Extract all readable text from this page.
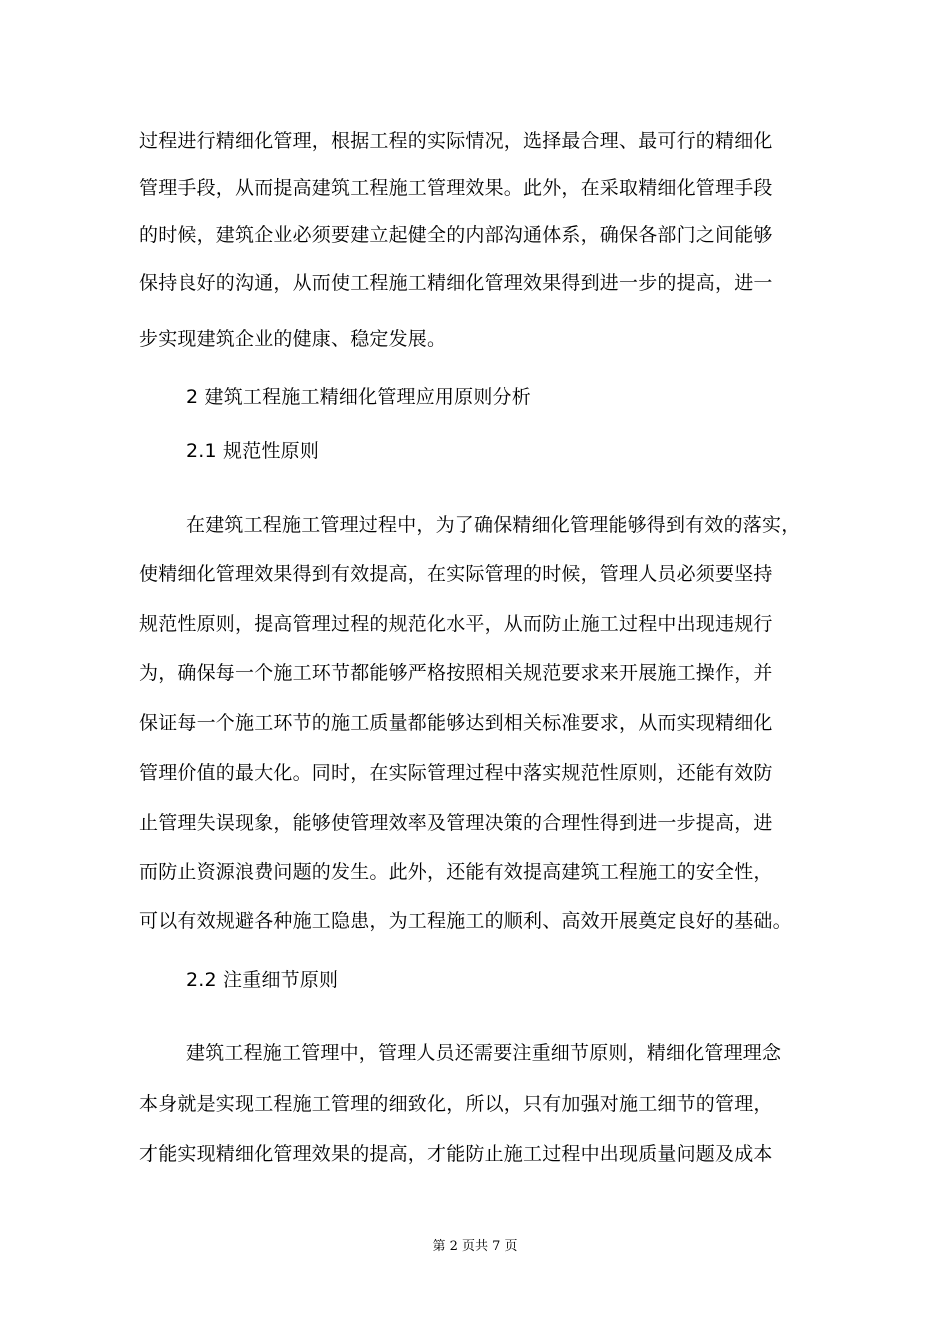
过程进行精细化管理，根据工程的实际情况，选择最合理、最可行的精细化
管理手段，从而提高建筑工程施工管理效果。此外，在采取精细化管理手段
的时候，建筑企业必须要建立起健全的内部沟通体系，确保各部门之间能够
保持良好的沟通，从而使工程施工精细化管理效果得到进一步的提高，进一
步实现建筑企业的健康、稳定发展。
2 建筑工程施工精细化管理应用原则分析
2.1 规范性原则
在建筑工程施工管理过程中，为了确保精细化管理能够得到有效的落实，
使精细化管理效果得到有效提高，在实际管理的时候，管理人员必须要坚持
规范性原则，提高管理过程的规范化水平，从而防止施工过程中出现违规行
为，确保每一个施工环节都能够严格按照相关规范要求来开展施工操作，并
保证每一个施工环节的施工质量都能够达到相关标准要求，从而实现精细化
管理价值的最大化。同时，在实际管理过程中落实规范性原则，还能有效防
止管理失误现象，能够使管理效率及管理决策的合理性得到进一步提高，进
而防止资源浪费问题的发生。此外，还能有效提高建筑工程施工的安全性，
可以有效规避各种施工隐患，为工程施工的顺利、高效开展奠定良好的基础。
2.2 注重细节原则
建筑工程施工管理中，管理人员还需要注重细节原则，精细化管理理念
本身就是实现工程施工管理的细致化，所以，只有加强对施工细节的管理，
才能实现精细化管理效果的提高，才能防止施工过程中出现质量问题及成本
第 2 页共 7 页
